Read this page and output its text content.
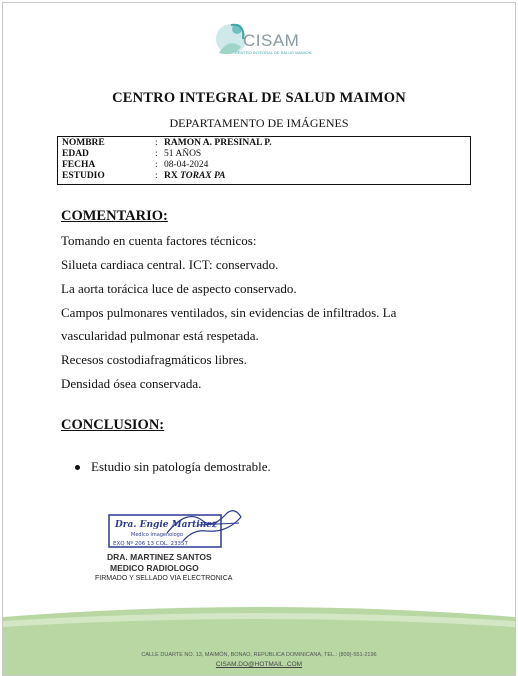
CISAM
CENTRO INTEGRAL DE SALUD MAIMON
CENTRO INTEGRAL DE SALUD MAIMON
DEPARTAMENTO DE IMÁGENES
NOMBRE	: RAMON A. PRESINAL P.
EDAD	: 51 AÑOS
FECHA	: 08-04-2024
ESTUDIO	: RX TORAX PA
COMENTARIO:
Tomando en cuenta factores técnicos:
Silueta cardiaca central. ICT: conservado.
La aorta torácica luce de aspecto conservado.
Campos pulmonares ventilados, sin evidencias de infiltrados. La
vascularidad pulmonar está respetada.
Recesos costodiafragmáticos libres.
Densidad ósea conservada.
CONCLUSION:
Estudio sin patología demostrable.
Dra. Engie Martinez
Medico Imagenologo
EXQ Nº 206 13 COL. 23357
DRA. MARTINEZ SANTOS
MEDICO RADIOLOGO
FIRMADO Y SELLADO VIA ELECTRONICA
CALLE DUARTE NO. 13, MAIMÓN, BONAO, REPUBLICA DOMINICANA, TEL.: (809)-551-2196
CISAM.DO@HOTMAIL .COM
